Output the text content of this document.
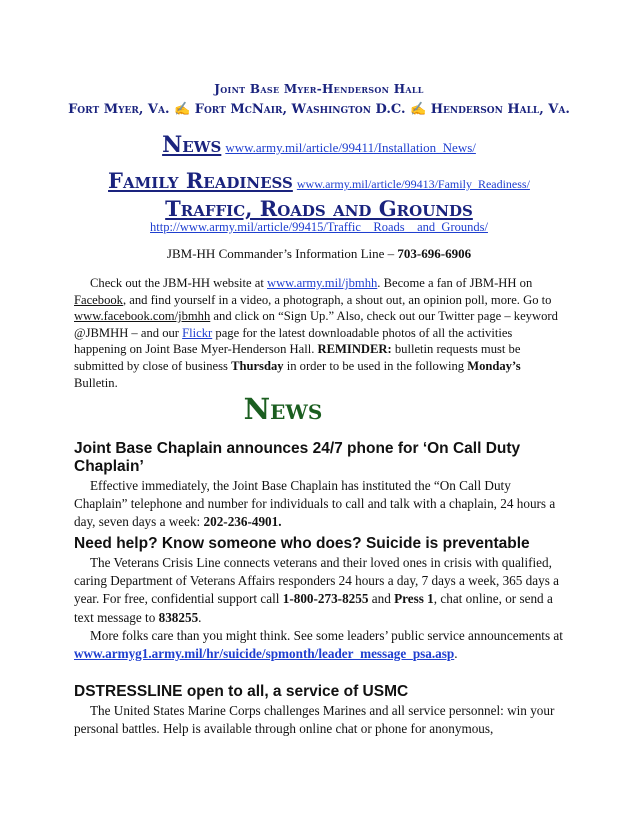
Joint Base Myer-Henderson Hall
Fort Myer, Va. ✍ Fort McNair, Washington D.C. ✍ Henderson Hall, Va.
News www.army.mil/article/99411/Installation_News/
Family Readiness www.army.mil/article/99413/Family_Readiness/
Traffic, Roads and Grounds
http://www.army.mil/article/99415/Traffic__Roads__and_Grounds/
JBM-HH Commander’s Information Line – 703-696-6906
Check out the JBM-HH website at www.army.mil/jbmhh. Become a fan of JBM-HH on Facebook, and find yourself in a video, a photograph, a shout out, an opinion poll, more. Go to www.facebook.com/jbmhh and click on “Sign Up.” Also, check out our Twitter page – keyword @JBMHH – and our Flickr page for the latest downloadable photos of all the activities happening on Joint Base Myer-Henderson Hall. REMINDER: bulletin requests must be submitted by close of business Thursday in order to be used in the following Monday’s Bulletin.
News
Joint Base Chaplain announces 24/7 phone for ‘On Call Duty Chaplain’
Effective immediately, the Joint Base Chaplain has instituted the “On Call Duty Chaplain” telephone and number for individuals to call and talk with a chaplain, 24 hours a day, seven days a week: 202-236-4901.
Need help? Know someone who does? Suicide is preventable
The Veterans Crisis Line connects veterans and their loved ones in crisis with qualified, caring Department of Veterans Affairs responders 24 hours a day, 7 days a week, 365 days a year. For free, confidential support call 1-800-273-8255 and Press 1, chat online, or send a text message to 838255.
More folks care than you might think. See some leaders’ public service announcements at
www.armyg1.army.mil/hr/suicide/spmonth/leader_message_psa.asp.
DSTRESSLINE open to all, a service of USMC
The United States Marine Corps challenges Marines and all service personnel: win your personal battles. Help is available through online chat or phone for anonymous,
